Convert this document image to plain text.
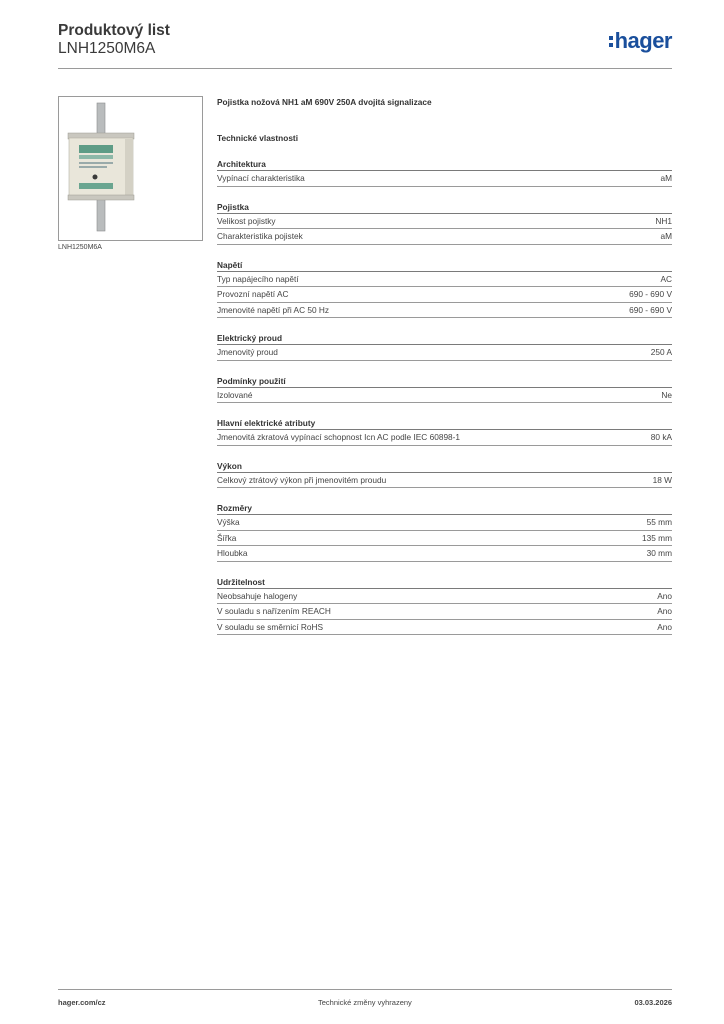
Produktový list
LNH1250M6A	hager
LNH1250M6A
Pojistka nožová NH1 aM 690V 250A dvojitá signalizace
Technické vlastnosti
Architektura
Vypínací charakteristika	aM
Pojistka
Velikost pojistky	NH1
Charakteristika pojistek	aM
Napětí
Typ napájecího napětí	AC
Provozní napětí AC	690 - 690 V
Jmenovité napětí při AC 50 Hz	690 - 690 V
Elektrický proud
Jmenovitý proud	250 A
Podmínky použití
Izolované	Ne
Hlavní elektrické atributy
Jmenovitá zkratová vypínací schopnost Icn AC podle IEC 60898-1	80 kA
Výkon
Celkový ztrátový výkon při jmenovitém proudu	18 W
Rozměry
Výška	55 mm
Šířka	135 mm
Hloubka	30 mm
Udržitelnost
Neobsahuje halogeny	Ano
V souladu s nařízením REACH	Ano
V souladu se směrnicí RoHS	Ano
hager.com/cz	Technické změny vyhrazeny	03.03.2026
